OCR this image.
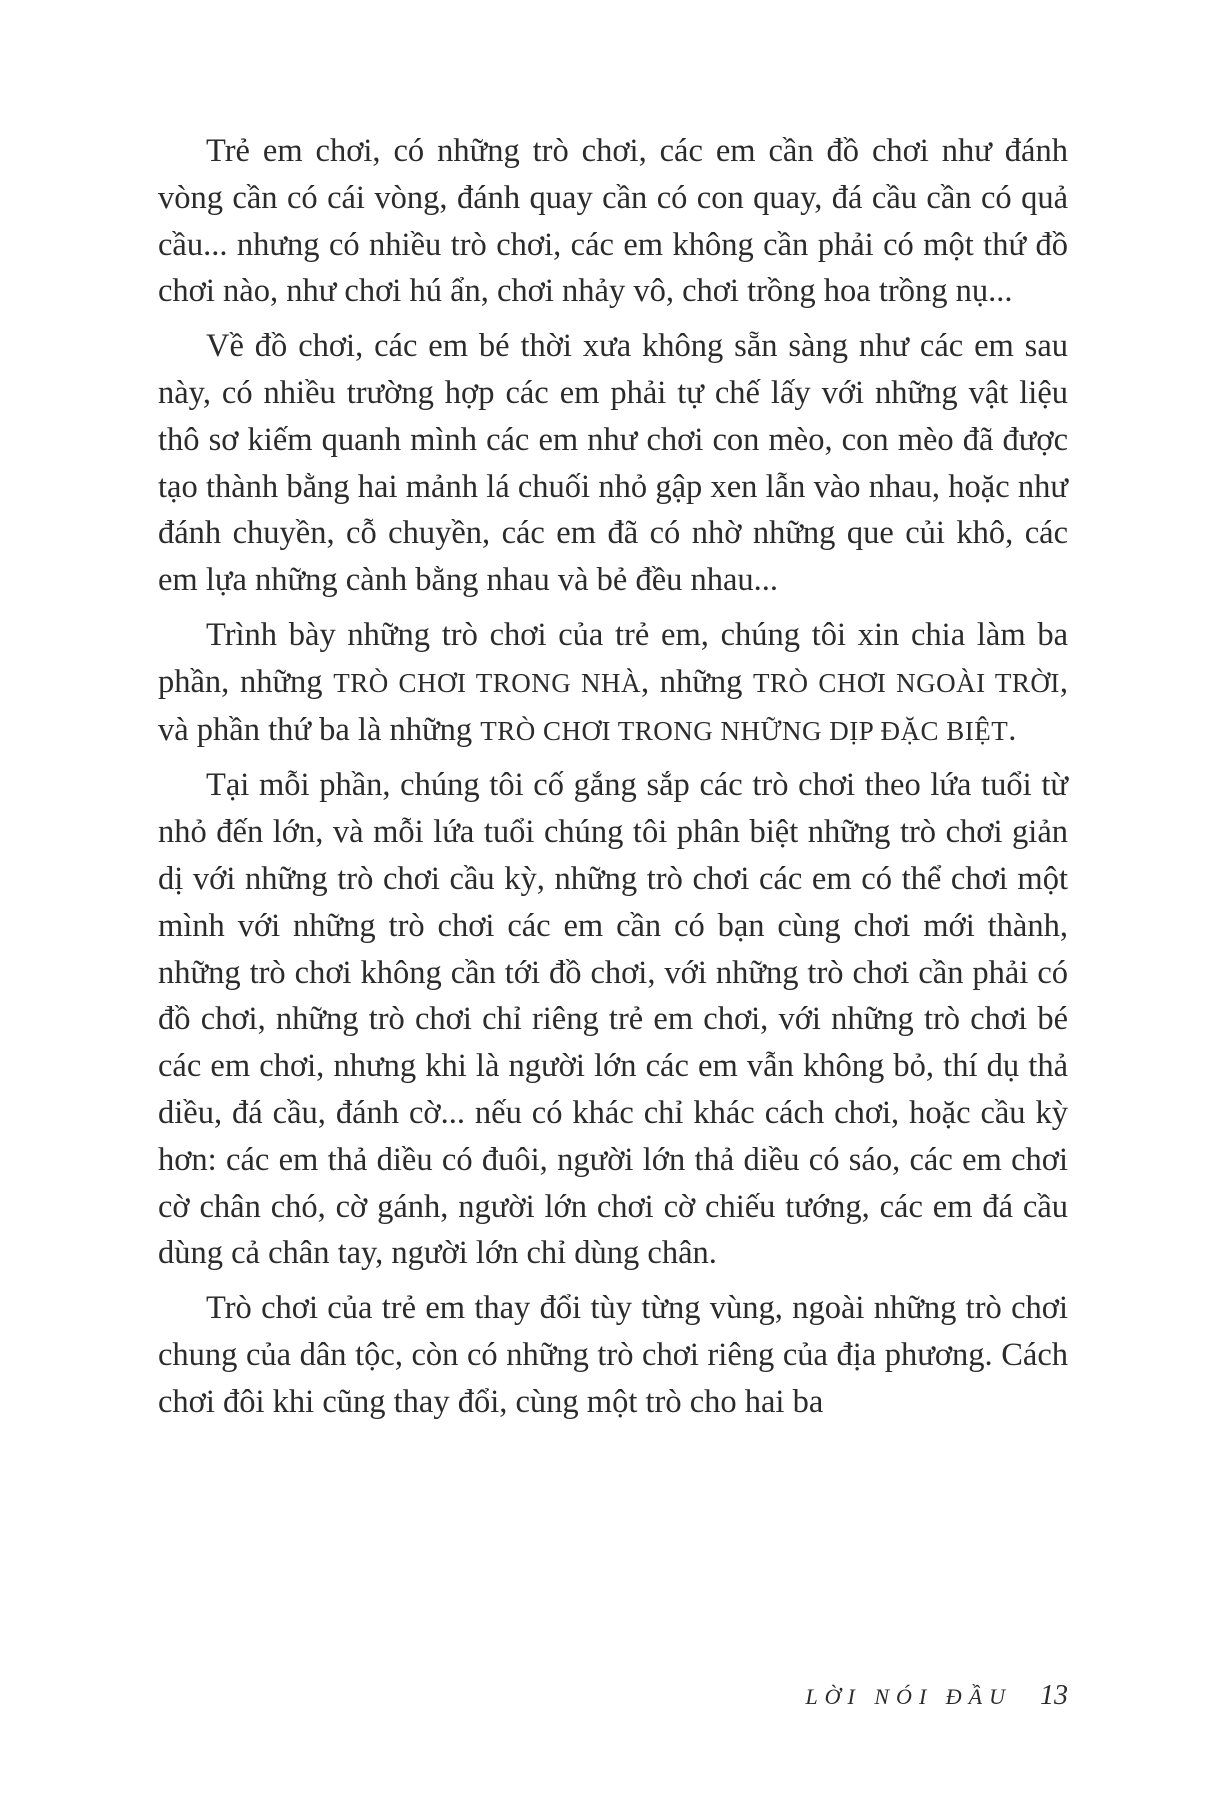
Trẻ em chơi, có những trò chơi, các em cần đồ chơi như đánh vòng cần có cái vòng, đánh quay cần có con quay, đá cầu cần có quả cầu... nhưng có nhiều trò chơi, các em không cần phải có một thứ đồ chơi nào, như chơi hú ẩn, chơi nhảy vô, chơi trồng hoa trồng nụ...

Về đồ chơi, các em bé thời xưa không sẵn sàng như các em sau này, có nhiều trường hợp các em phải tự chế lấy với những vật liệu thô sơ kiếm quanh mình các em như chơi con mèo, con mèo đã được tạo thành bằng hai mảnh lá chuối nhỏ gập xen lẫn vào nhau, hoặc như đánh chuyền, cỗ chuyền, các em đã có nhờ những que củi khô, các em lựa những cành bằng nhau và bẻ đều nhau...

Trình bày những trò chơi của trẻ em, chúng tôi xin chia làm ba phần, những TRÒ CHƠI TRONG NHÀ, những TRÒ CHƠI NGOÀI TRỜI, và phần thứ ba là những TRÒ CHƠI TRONG NHỮNG DỊP ĐẶC BIỆT.

Tại mỗi phần, chúng tôi cố gắng sắp các trò chơi theo lứa tuổi từ nhỏ đến lớn, và mỗi lứa tuổi chúng tôi phân biệt những trò chơi giản dị với những trò chơi cầu kỳ, những trò chơi các em có thể chơi một mình với những trò chơi các em cần có bạn cùng chơi mới thành, những trò chơi không cần tới đồ chơi, với những trò chơi cần phải có đồ chơi, những trò chơi chỉ riêng trẻ em chơi, với những trò chơi bé các em chơi, nhưng khi là người lớn các em vẫn không bỏ, thí dụ thả diều, đá cầu, đánh cờ... nếu có khác chỉ khác cách chơi, hoặc cầu kỳ hơn: các em thả diều có đuôi, người lớn thả diều có sáo, các em chơi cờ chân chó, cờ gánh, người lớn chơi cờ chiếu tướng, các em đá cầu dùng cả chân tay, người lớn chỉ dùng chân.

Trò chơi của trẻ em thay đổi tùy từng vùng, ngoài những trò chơi chung của dân tộc, còn có những trò chơi riêng của địa phương. Cách chơi đôi khi cũng thay đổi, cùng một trò cho hai ba

LỜI NÓI ĐẦU 13
